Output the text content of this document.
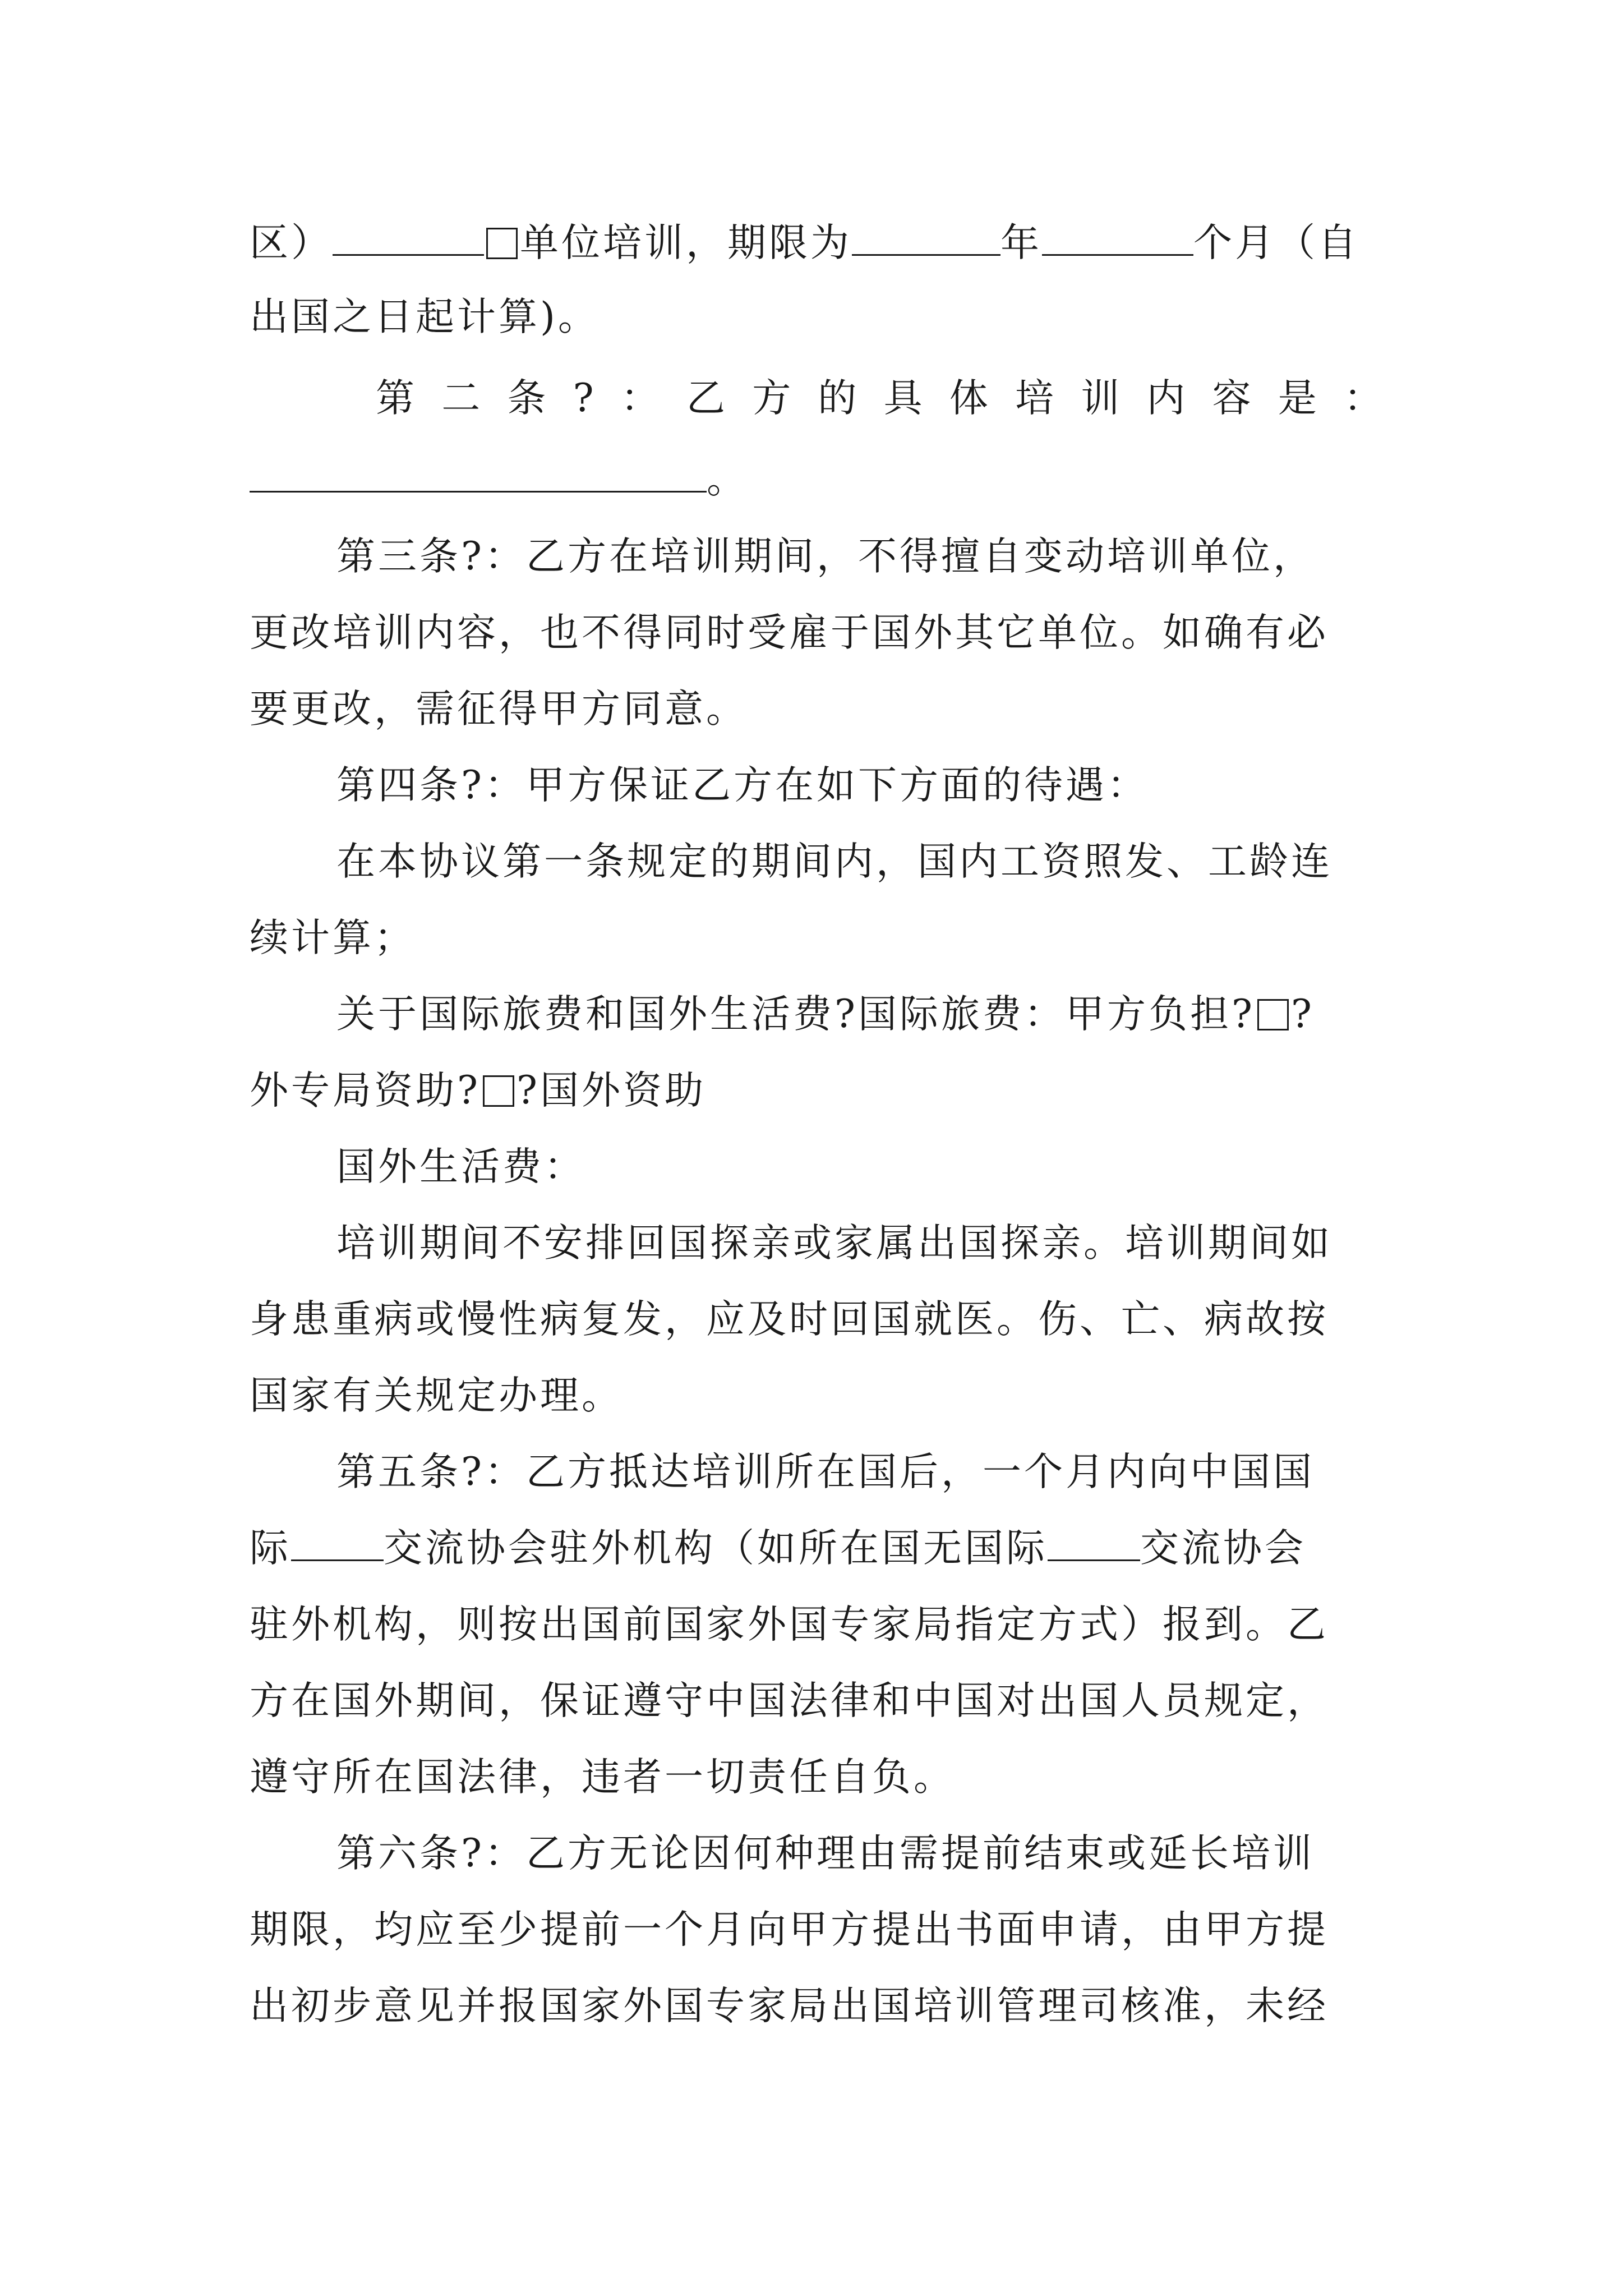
区）	单位培训，期限为	年	个月（自
出国之日起计算)。
第二条?：乙方的具体培训内容是：
。
第三条?：乙方在培训期间，不得擅自变动培训单位，
更改培训内容，也不得同时受雇于国外其它单位。如确有必
要更改，需征得甲方同意。
第四条?：甲方保证乙方在如下方面的待遇：
在本协议第一条规定的期间内，国内工资照发、工龄连
续计算；
关于国际旅费和国外生活费?国际旅费：甲方负担? ?
外专局资助? ?国外资助
国外生活费：
培训期间不安排回国探亲或家属出国探亲。培训期间如
身患重病或慢性病复发，应及时回国就医。伤、亡、病故按
国家有关规定办理。
第五条?：乙方抵达培训所在国后，一个月内向中国国
际 交流协会驻外机构（如所在国无国际 交流协会
驻外机构，则按出国前国家外国专家局指定方式）报到。乙
方在国外期间，保证遵守中国法律和中国对出国人员规定，
遵守所在国法律，违者一切责任自负。
第六条?：乙方无论因何种理由需提前结束或延长培训
期限，均应至少提前一个月向甲方提出书面申请，由甲方提
出初步意见并报国家外国专家局出国培训管理司核准，未经
